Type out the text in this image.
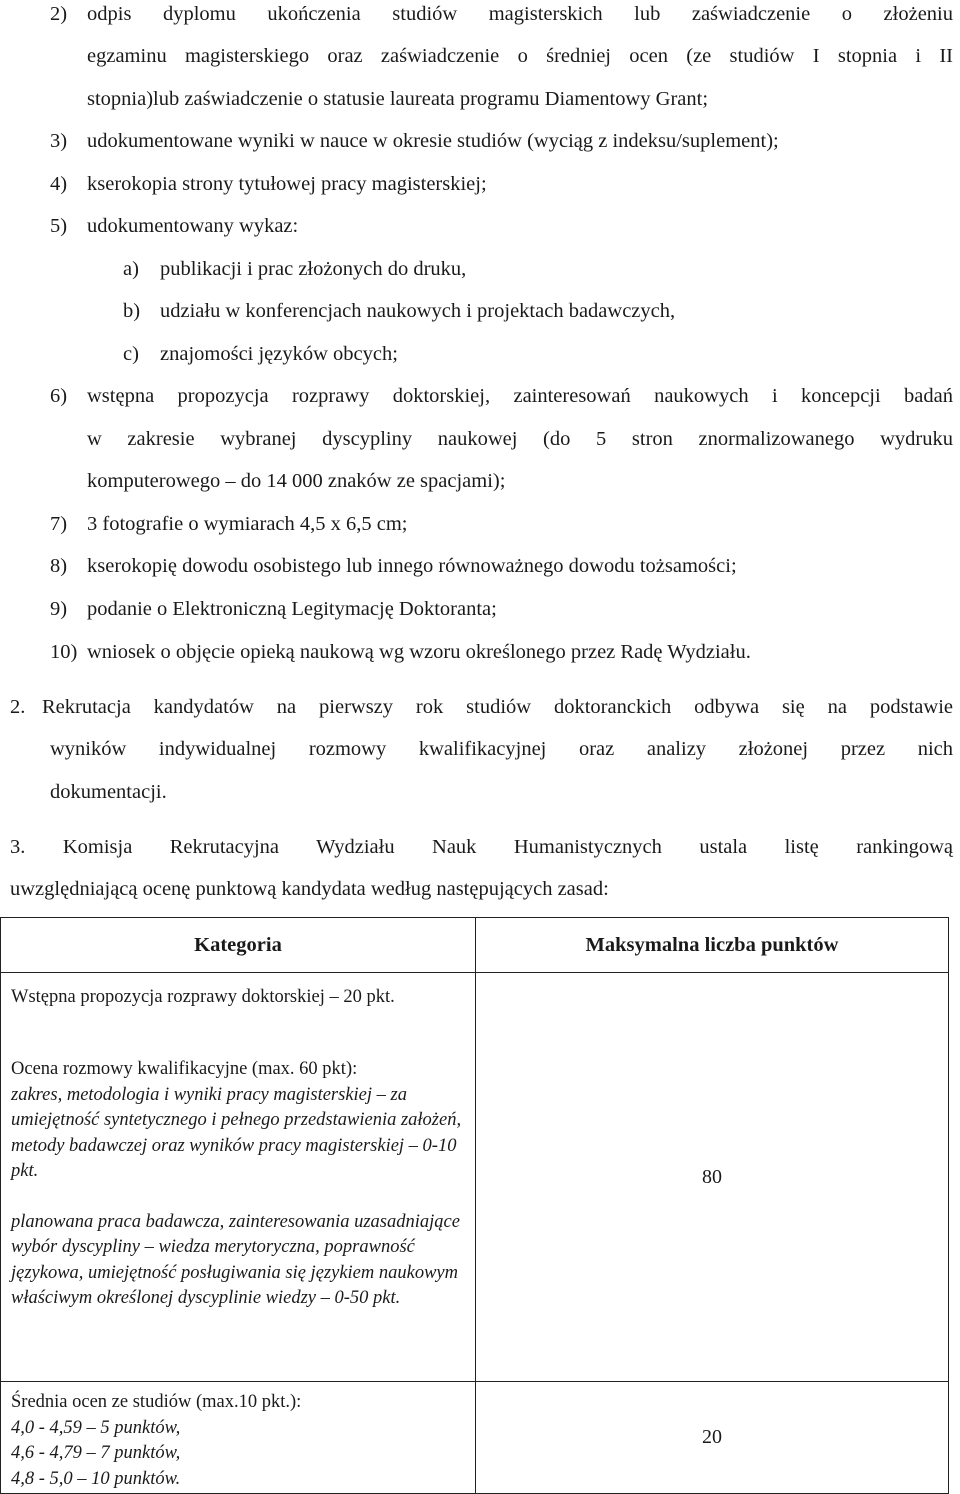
2) odpis dyplomu ukończenia studiów magisterskich lub zaświadczenie o złożeniu
egzaminu magisterskiego oraz zaświadczenie o średniej ocen (ze studiów I stopnia i II
stopnia)lub zaświadczenie o statusie laureata programu Diamentowy Grant;
3) udokumentowane wyniki w nauce w okresie studiów (wyciąg z indeksu/suplement);
4) kserokopia strony tytułowej pracy magisterskiej;
5) udokumentowany wykaz:
a) publikacji i prac złożonych do druku,
b) udziału w konferencjach naukowych i projektach badawczych,
c) znajomości języków obcych;
6) wstępna propozycja rozprawy doktorskiej, zainteresowań naukowych i koncepcji badań
w zakresie wybranej dyscypliny naukowej (do 5 stron znormalizowanego wydruku
komputerowego – do 14 000 znaków ze spacjami);
7) 3 fotografie o wymiarach 4,5 x 6,5 cm;
8) kserokopię dowodu osobistego lub innego równoważnego dowodu tożsamości;
9) podanie o Elektroniczną Legitymację Doktoranta;
10) wniosek o objęcie opieką naukową wg wzoru określonego przez Radę Wydziału.
2. Rekrutacja kandydatów na pierwszy rok studiów doktoranckich odbywa się na podstawie
wyników indywidualnej rozmowy kwalifikacyjnej oraz analizy złożonej przez nich
dokumentacji.
3. Komisja Rekrutacyjna Wydziału Nauk Humanistycznych ustala listę rankingową
uwzględniającą ocenę punktową kandydata według następujących zasad:
Kategoria	Maksymalna liczba punktów

Wstępna propozycja rozprawy doktorskiej – 20 pkt.
Ocena rozmowy kwalifikacyjne (max. 60 pkt):
zakres, metodologia i wyniki pracy magisterskiej – za umiejętność syntetycznego i pełnego przedstawienia założeń, metody badawczej oraz wyników pracy magisterskiej – 0-10 pkt.
planowana praca badawcza, zainteresowania uzasadniające wybór dyscypliny – wiedza merytoryczna, poprawność językowa, umiejętność posługiwania się językiem naukowym właściwym określonej dyscyplinie wiedzy – 0-50 pkt.	80

Średnia ocen ze studiów (max.10 pkt.):
4,0 - 4,59 – 5 punktów,
4,6 - 4,79 – 7 punktów,
4,8 - 5,0 – 10 punktów.	20
